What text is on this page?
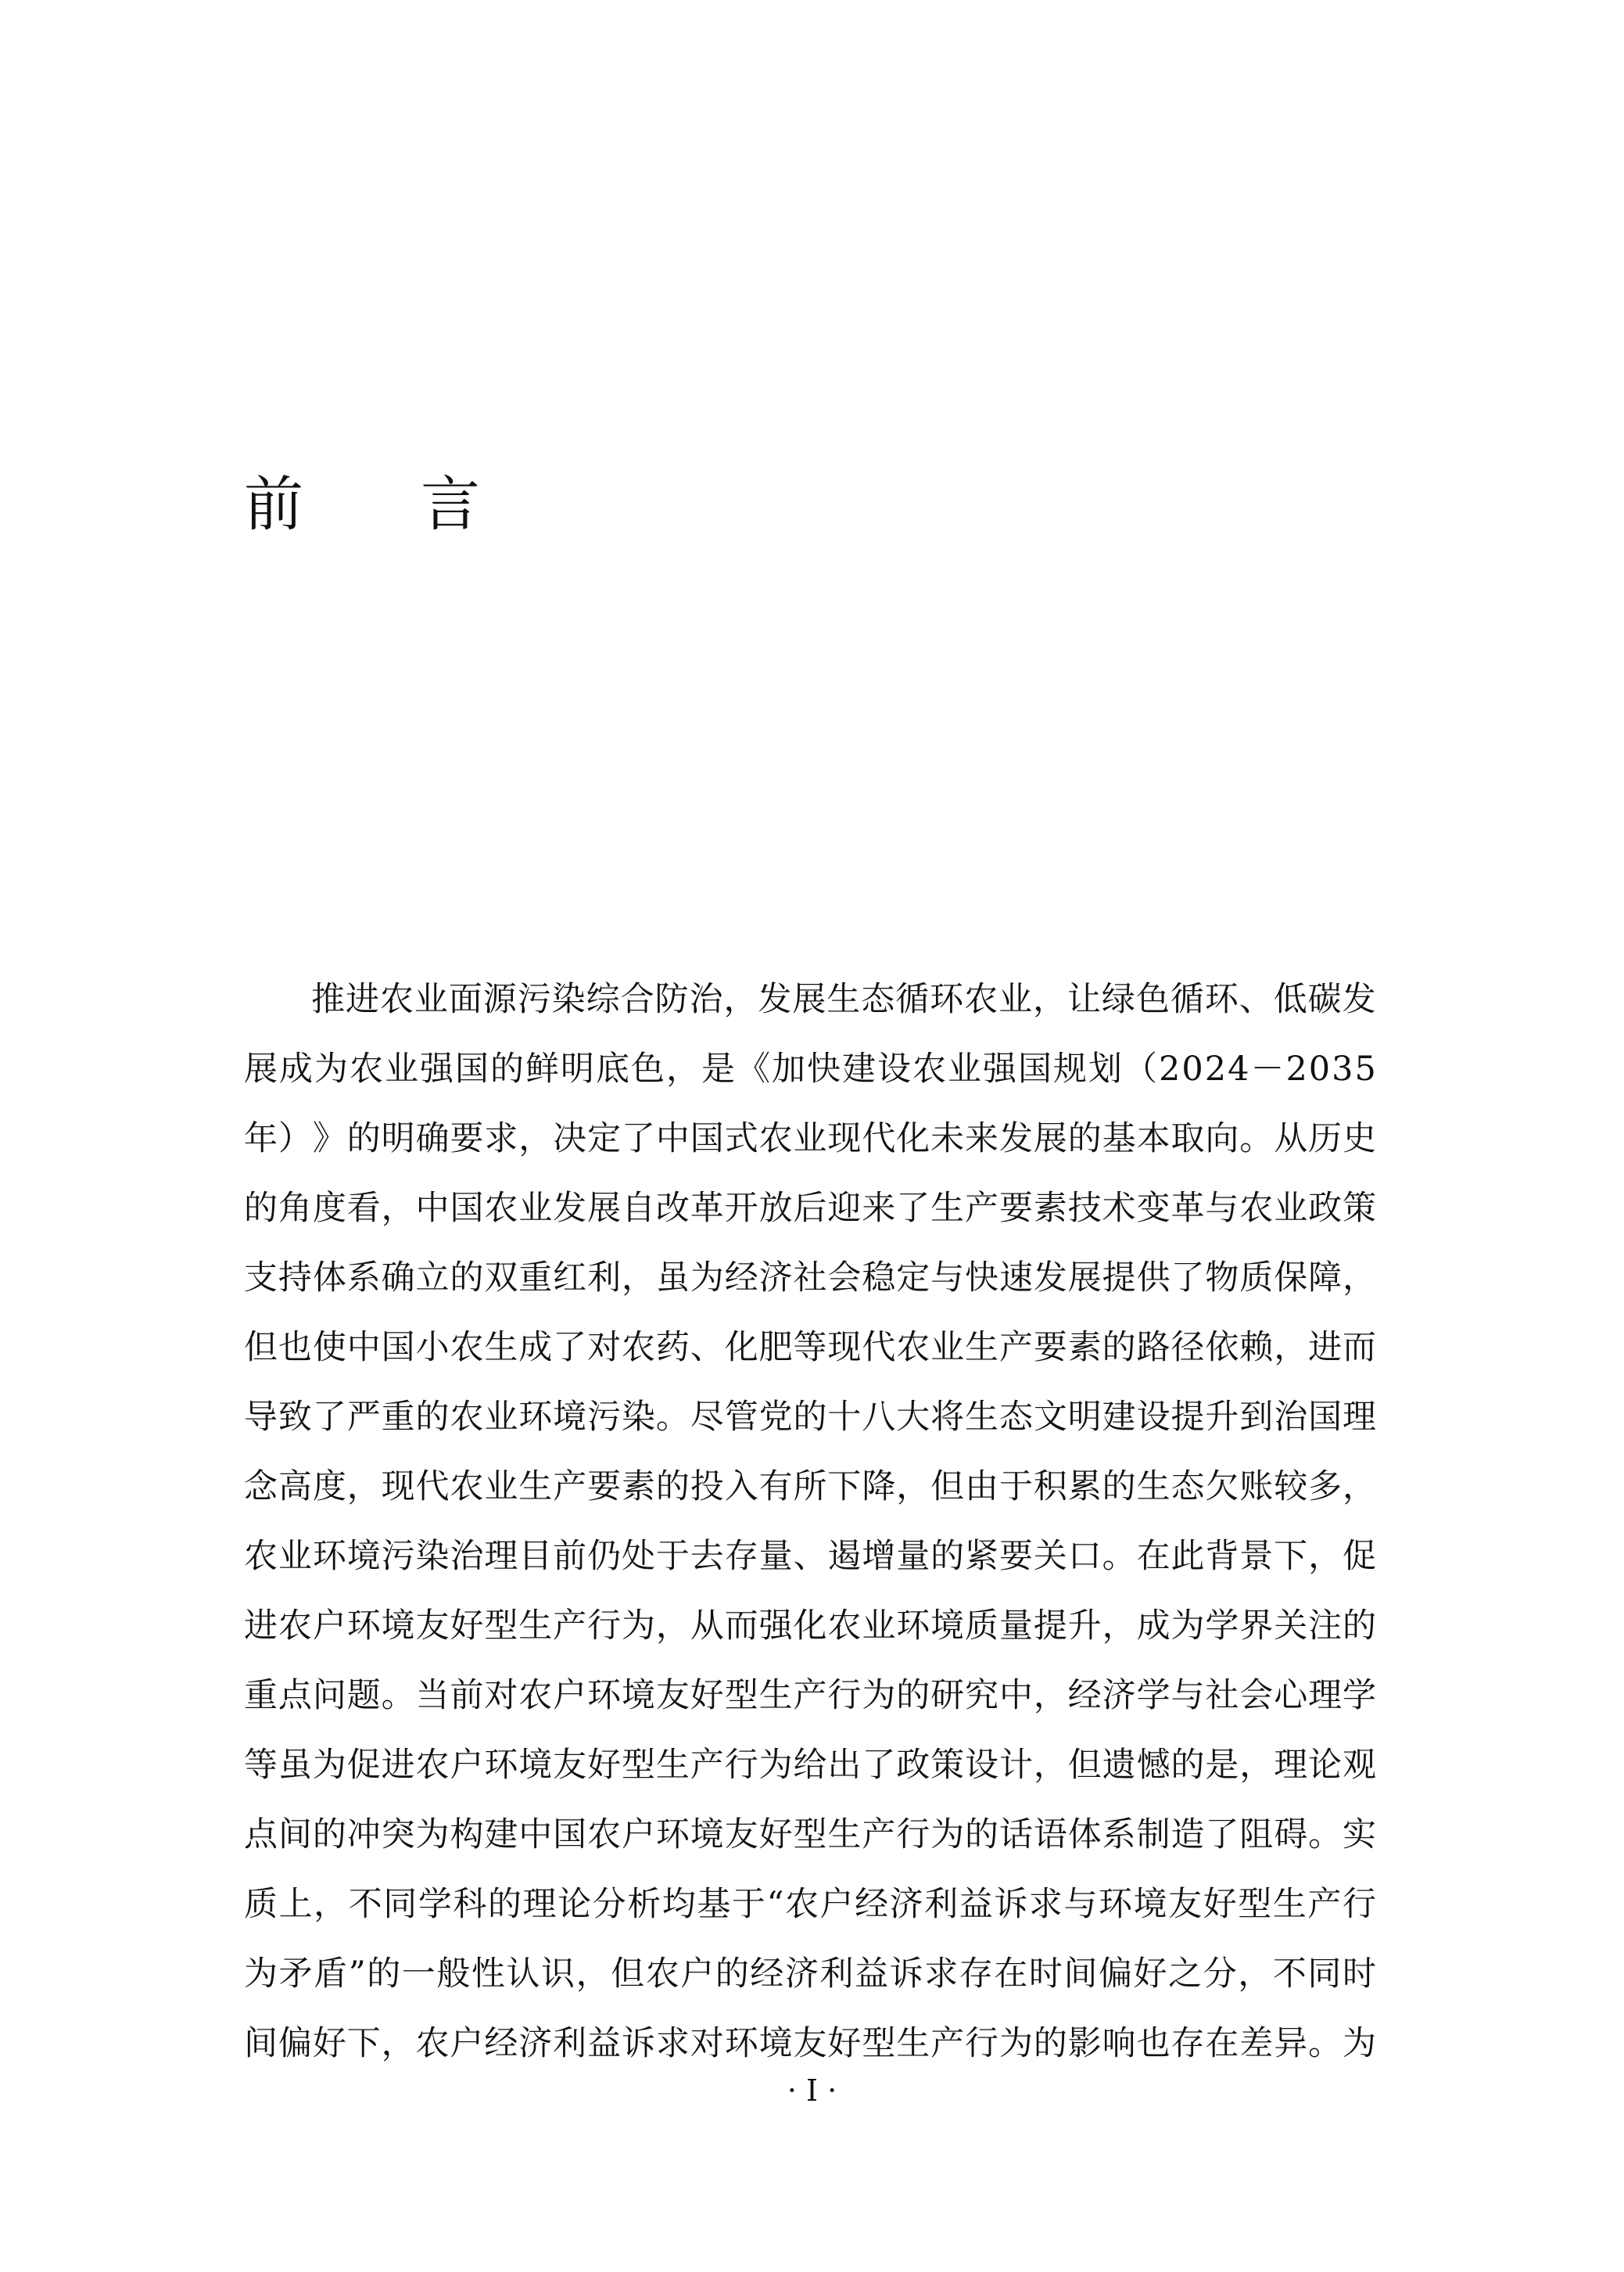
前 言
推 进 农 业 面 源 污 染 综 合 防 治 ， 发 展 生 态 循 环 农 业 ， 让 绿 色 循 环 、 低 碳 发
展 成 为 农 业 强 国 的 鲜 明 底 色 ， 是 《 加 快 建 设 农 业 强 国 规 划 （ 2 0 2 4 － 2 0 3 5
年 ） 》 的 明 确 要 求 ， 决 定 了 中 国 式 农 业 现 代 化 未 来 发 展 的 基 本 取 向 。 从 历 史
的 角 度 看 ， 中 国 农 业 发 展 自 改 革 开 放 后 迎 来 了 生 产 要 素 技 术 变 革 与 农 业 政 策
支 持 体 系 确 立 的 双 重 红 利 ， 虽 为 经 济 社 会 稳 定 与 快 速 发 展 提 供 了 物 质 保 障 ，
但 也 使 中 国 小 农 生 成 了 对 农 药 、 化 肥 等 现 代 农 业 生 产 要 素 的 路 径 依 赖 ， 进 而
导 致 了 严 重 的 农 业 环 境 污 染 。 尽 管 党 的 十 八 大 将 生 态 文 明 建 设 提 升 到 治 国 理
念 高 度 ， 现 代 农 业 生 产 要 素 的 投 入 有 所 下 降 ， 但 由 于 积 累 的 生 态 欠 账 较 多 ，
农 业 环 境 污 染 治 理 目 前 仍 处 于 去 存 量 、 遏 增 量 的 紧 要 关 口 。 在 此 背 景 下 ， 促
进 农 户 环 境 友 好 型 生 产 行 为 ， 从 而 强 化 农 业 环 境 质 量 提 升 ， 成 为 学 界 关 注 的
重 点 问 题 。 当 前 对 农 户 环 境 友 好 型 生 产 行 为 的 研 究 中 ， 经 济 学 与 社 会 心 理 学
等 虽 为 促 进 农 户 环 境 友 好 型 生 产 行 为 给 出 了 政 策 设 计 ， 但 遗 憾 的 是 ， 理 论 观
点 间 的 冲 突 为 构 建 中 国 农 户 环 境 友 好 型 生 产 行 为 的 话 语 体 系 制 造 了 阻 碍 。 实
质 上 ， 不 同 学 科 的 理 论 分 析 均 基 于 “ 农 户 经 济 利 益 诉 求 与 环 境 友 好 型 生 产 行
为 矛 盾 ” 的 一 般 性 认 识 ， 但 农 户 的 经 济 利 益 诉 求 存 在 时 间 偏 好 之 分 ， 不 同 时
间 偏 好 下 ， 农 户 经 济 利 益 诉 求 对 环 境 友 好 型 生 产 行 为 的 影 响 也 存 在 差 异 。 为
· I ·
